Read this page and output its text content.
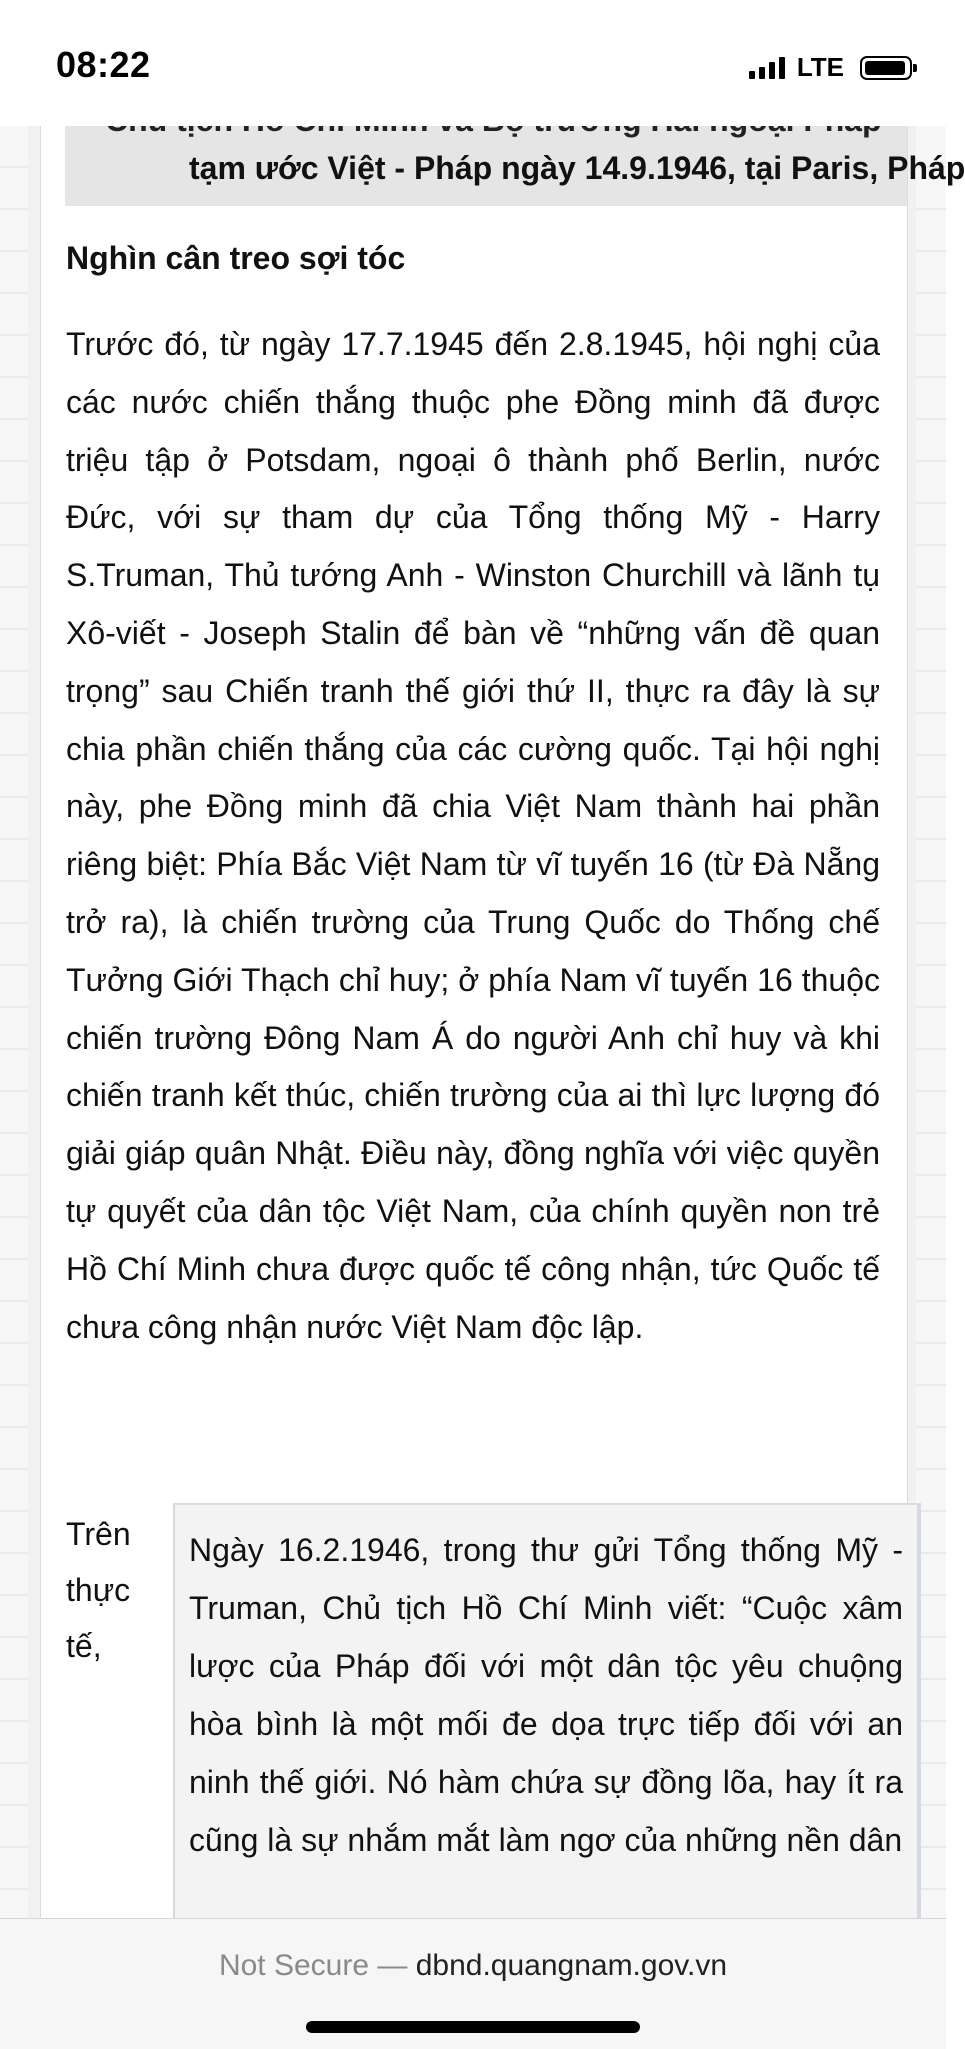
08:22	LTE
tạm ước Việt - Pháp ngày 14.9.1946, tại Paris, Pháp
Nghìn cân treo sợi tóc

Trước đó, từ ngày 17.7.1945 đến 2.8.1945, hội nghị của các nước chiến thắng thuộc phe Đồng minh đã được triệu tập ở Potsdam, ngoại ô thành phố Berlin, nước Đức, với sự tham dự của Tổng thống Mỹ - Harry S.Truman, Thủ tướng Anh - Winston Churchill và lãnh tụ Xô-viết - Joseph Stalin để bàn về “những vấn đề quan trọng” sau Chiến tranh thế giới thứ II, thực ra đây là sự chia phần chiến thắng của các cường quốc. Tại hội nghị này, phe Đồng minh đã chia Việt Nam thành hai phần riêng biệt: Phía Bắc Việt Nam từ vĩ tuyến 16 (từ Đà Nẵng trở ra), là chiến trường của Trung Quốc do Thống chế Tưởng Giới Thạch chỉ huy; ở phía Nam vĩ tuyến 16 thuộc chiến trường Đông Nam Á do người Anh chỉ huy và khi chiến tranh kết thúc, chiến trường của ai thì lực lượng đó giải giáp quân Nhật. Điều này, đồng nghĩa với việc quyền tự quyết của dân tộc Việt Nam, của chính quyền non trẻ Hồ Chí Minh chưa được quốc tế công nhận, tức Quốc tế chưa công nhận nước Việt Nam độc lập.

Trên thực tế,

Ngày 16.2.1946, trong thư gửi Tổng thống Mỹ - Truman, Chủ tịch Hồ Chí Minh viết: “Cuộc xâm lược của Pháp đối với một dân tộc yêu chuộng hòa bình là một mối đe dọa trực tiếp đối với an ninh thế giới. Nó hàm chứa sự đồng lõa, hay ít ra cũng là sự nhắm mắt làm ngơ của những nền dân

Not Secure — dbnd.quangnam.gov.vn
